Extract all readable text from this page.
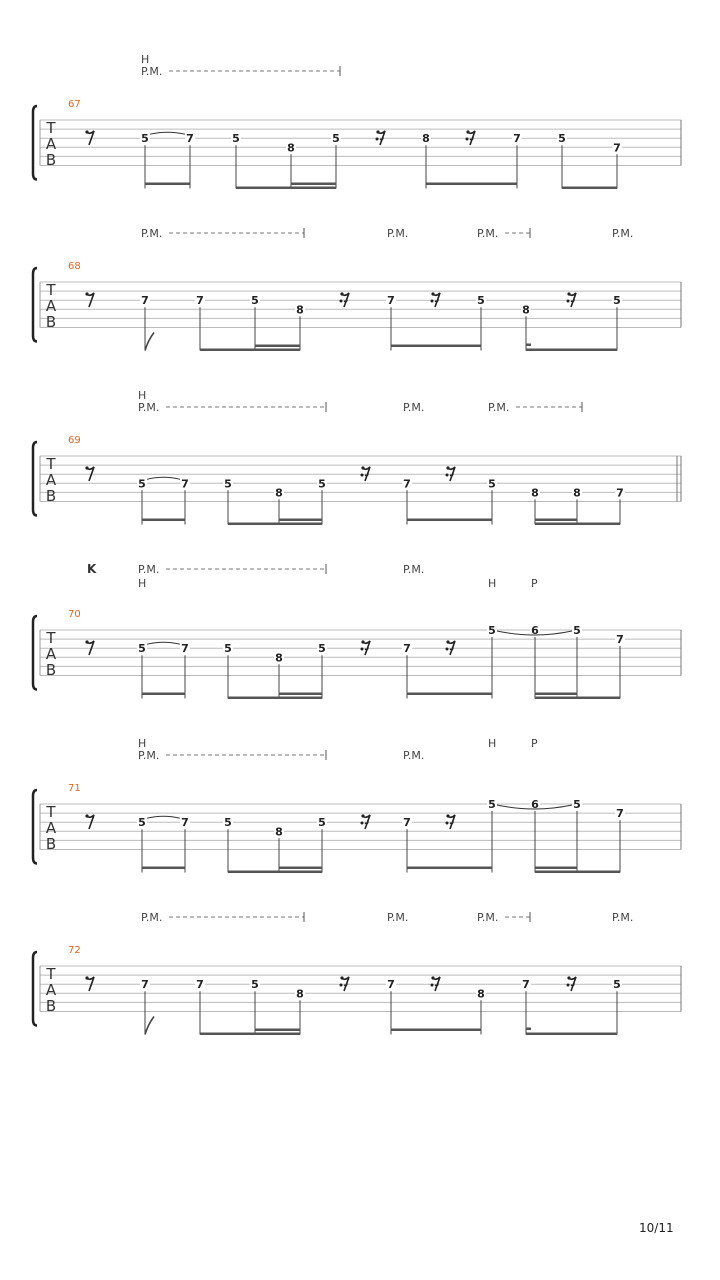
T
A
B
67
5	7	5
8
5	8	7	5
7
H
P.M.
T
A
B
68
7	7	5
8
7	5
8
5
P.M.	P.M.	P.M.	P.M.
T
A
B
69
5	7	5
8
5	7	5
8	8	7
H
P.M.	P.M.	P.M.
T
A
B
70
5	7	5
8
5	7
5	6	5
7
K	P.M.
H
P.M.
H	P
T
A
B
71
5	7	5
8
5	7
5	6	5
7
H
P.M.	P.M.
H	P
T
A
B
72
7	7	5
8
7
8
7	5
P.M.	P.M.	P.M.	P.M.
10/11
